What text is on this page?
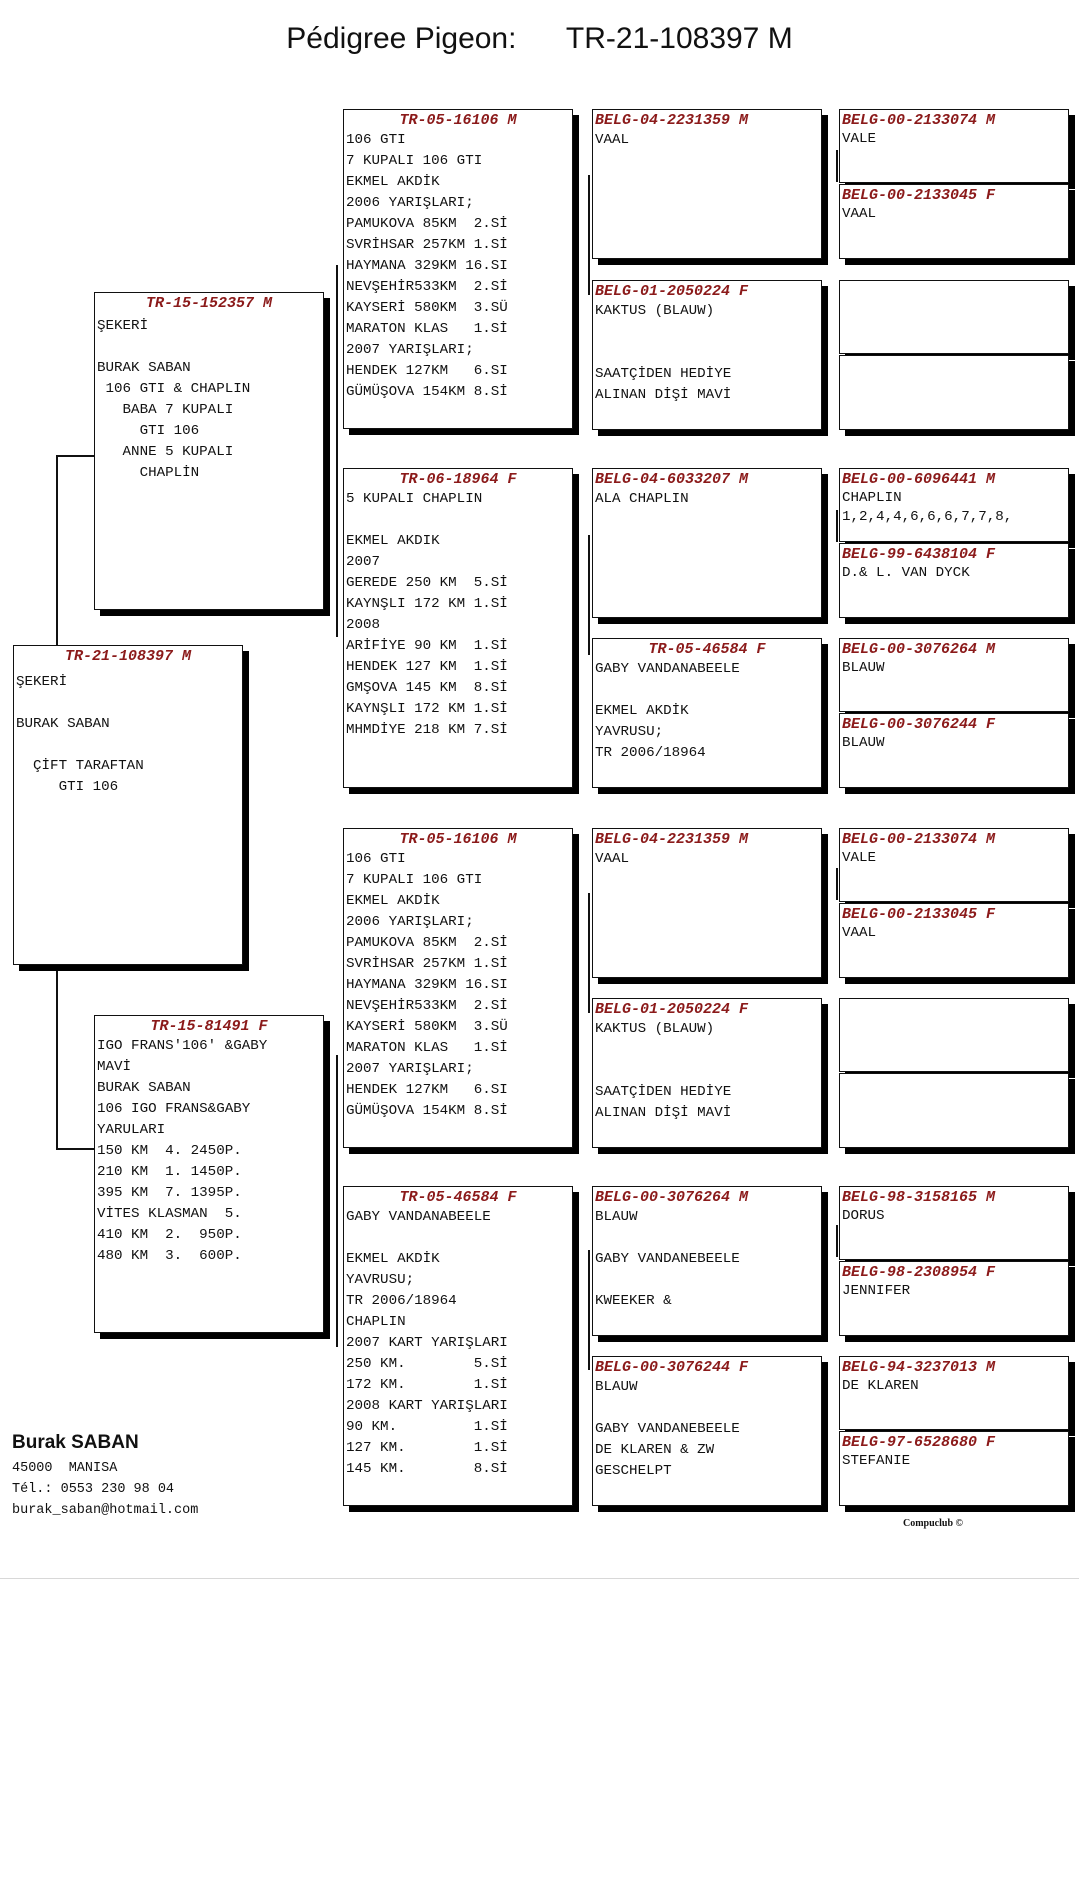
Pédigree Pigeon: TR-21-108397 M
TR-21-108397 M
ŞEKERİ

BURAK SABAN

ÇİFT TARAFTAN
GTI 106
TR-15-152357 M
ŞEKERİ

BURAK SABAN
106 GTI & CHAPLIN
BABA 7 KUPALI
GTI 106
ANNE 5 KUPALI
CHAPLİN
TR-15-81491 F
IGO FRANS'106' &GABY
MAVİ
BURAK SABAN
106 IGO FRANS&GABY
YARULARI
150 KM  4. 2450P.
210 KM  1. 1450P.
395 KM  7. 1395P.
VİTES KLASMAN  5.
410 KM  2.  950P.
480 KM  3.  600P.
TR-05-16106 M
106 GTI
7 KUPALI 106 GTI
EKMEL AKDİK
2006 YARIŞLARI;
PAMUKOVA 85KM  2.Sİ
SVRİHSAR 257KM 1.Sİ
HAYMANA 329KM 16.SI
NEVŞEHİR533KM  2.Sİ
KAYSERİ 580KM  3.SÜ
MARATON KLAS   1.Sİ
2007 YARIŞLARI;
HENDEK 127KM   6.SI
GÜMÜŞOVA 154KM 8.Sİ
TR-06-18964 F
5 KUPALI CHAPLIN

EKMEL AKDIK
2007
GEREDE 250 KM  5.Sİ
KAYNŞLI 172 KM 1.Sİ
2008
ARİFİYE 90 KM  1.Sİ
HENDEK 127 KM  1.Sİ
GMŞOVA 145 KM  8.Sİ
KAYNŞLI 172 KM 1.Sİ
MHMDİYE 218 KM 7.Sİ
TR-05-16106 M
106 GTI
7 KUPALI 106 GTI
EKMEL AKDİK
2006 YARIŞLARI;
PAMUKOVA 85KM  2.Sİ
SVRİHSAR 257KM 1.Sİ
HAYMANA 329KM 16.SI
NEVŞEHİR533KM  2.Sİ
KAYSERİ 580KM  3.SÜ
MARATON KLAS   1.Sİ
2007 YARIŞLARI;
HENDEK 127KM   6.SI
GÜMÜŞOVA 154KM 8.Sİ
TR-05-46584 F
GABY VANDANABEELE

EKMEL AKDİK
YAVRUSU;
TR 2006/18964
CHAPLIN
2007 KART YARIŞLARI
250 KM.        5.Sİ
172 KM.        1.Sİ
2008 KART YARIŞLARI
90 KM.         1.Sİ
127 KM.        1.Sİ
145 KM.        8.Sİ
BELG-04-2231359 M
VAAL
BELG-01-2050224 F
KAKTUS (BLAUW)

SAATÇİDEN HEDİYE
ALINAN DİŞİ MAVİ
BELG-04-6033207 M
ALA CHAPLIN
TR-05-46584 F
GABY VANDANABEELE

EKMEL AKDİK
YAVRUSU;
TR 2006/18964
BELG-04-2231359 M
VAAL
BELG-01-2050224 F
KAKTUS (BLAUW)

SAATÇİDEN HEDİYE
ALINAN DİŞİ MAVİ
BELG-00-3076264 M
BLAUW

GABY VANDANEBEELE

KWEEKER &
BELG-00-3076244 F
BLAUW

GABY VANDANEBEELE
DE KLAREN & ZW
GESCHELPT
BELG-00-2133074 M
VALE
BELG-00-2133045 F
VAAL
BELG-00-6096441 M
CHAPLIN
1,2,4,4,6,6,6,7,7,8,
BELG-99-6438104 F
D.& L. VAN DYCK
BELG-00-3076264 M
BLAUW
BELG-00-3076244 F
BLAUW
BELG-00-2133074 M
VALE
BELG-00-2133045 F
VAAL
BELG-98-3158165 M
DORUS
BELG-98-2308954 F
JENNIFER
BELG-94-3237013 M
DE KLAREN
BELG-97-6528680 F
STEFANIE
Burak SABAN
45000  MANISA
Tél.: 0553 230 98 04
burak_saban@hotmail.com
Compuclub ©
